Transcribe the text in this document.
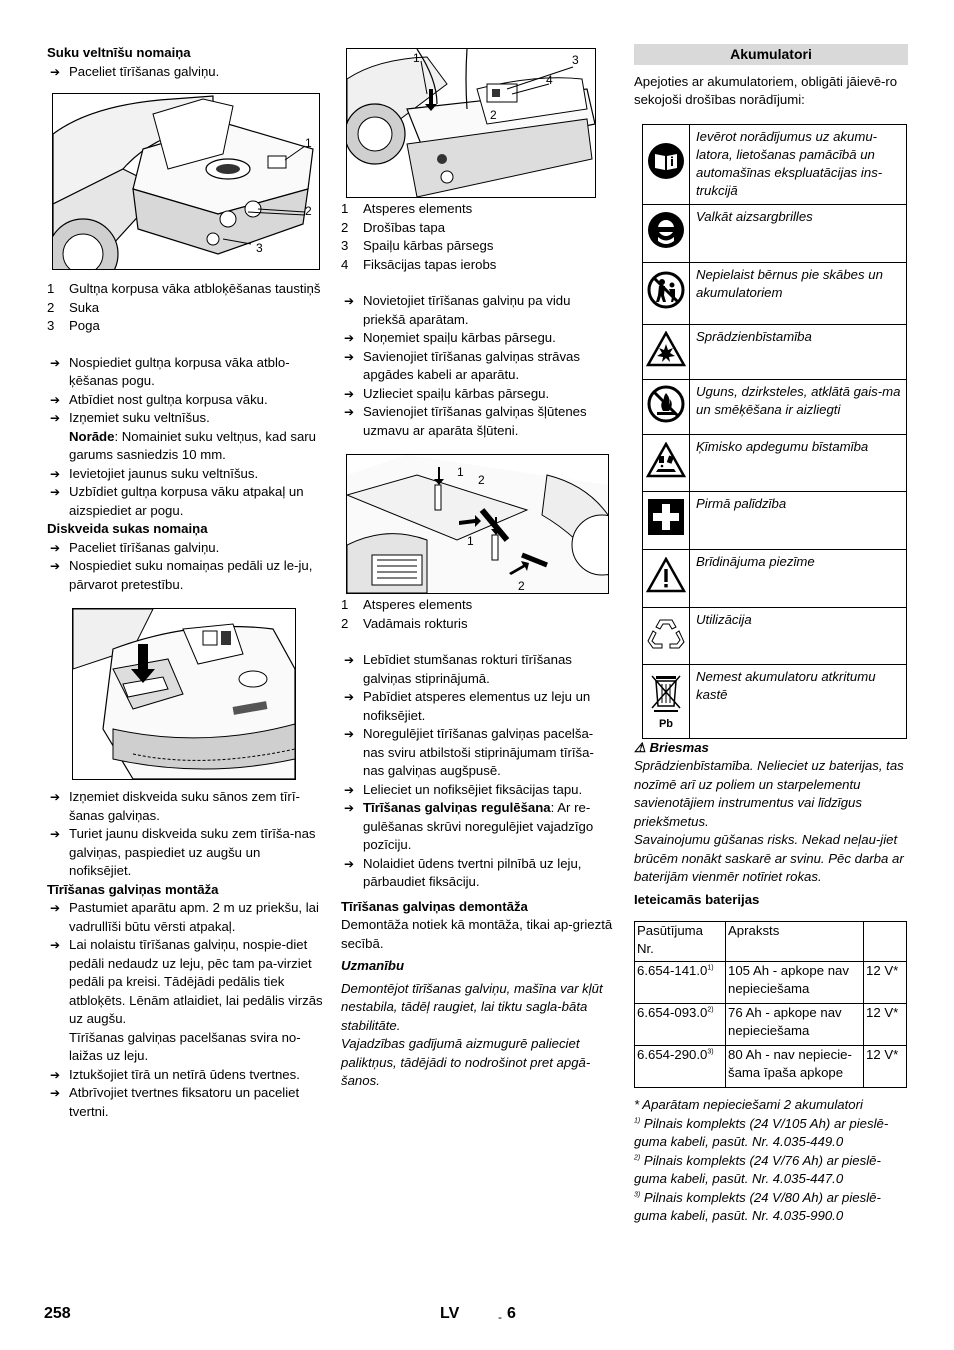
Suku veltnīšu nomaiņa

➔ Paceliet tīrīšanas galviņu.
1
2
3
1	Gultņa korpusa vāka atbloķēšanas taustiņš
2	Suka
3	Poga
➔ Nospiediet gultņa korpusa vāka atblo-ķēšanas pogu.
➔ Atbīdiet nost gultņa korpusa vāku.
➔ Izņemiet suku veltnīšus.
Norāde: Nomainiet suku veltņus, kad saru garums sasniedzis 10 mm.
➔ Ievietojiet jaunus suku veltnīšus.
➔ Uzbīdiet gultņa korpusa vāku atpakaļ un aizspiediet ar pogu.

Diskveida sukas nomaiņa

➔ Paceliet tīrīšanas galviņu.
➔ Nospiediet suku nomaiņas pedāli uz le-ju, pārvarot pretestību.
➔ Izņemiet diskveida suku sānos zem tīrī-šanas galviņas.
➔ Turiet jaunu diskveida suku zem tīrīša-nas galviņas, paspiediet uz augšu un nofiksējiet.

Tīrīšanas galviņas montāža

➔ Pastumiet aparātu apm. 2 m uz priekšu, lai vadrullīši būtu vērsti atpakaļ.
➔ Lai nolaistu tīrīšanas galviņu, nospie-diet pedāli nedaudz uz leju, pēc tam pa-virziet pedāli pa kreisi. Tādējādi pedālis tiek atbloķēts. Lēnām atlaidiet, lai pedālis virzās uz augšu.
Tīrīšanas galviņas pacelšanas svira no-laižas uz leju.
➔ Iztukšojiet tīrā un netīrā ūdens tvertnes.
➔ Atbrīvojiet tvertnes fiksatoru un paceliet tvertni.
1	3
4
2
1	Atsperes elements
2	Drošības tapa
3	Spaiļu kārbas pārsegs
4	Fiksācijas tapas ierobs
➔ Novietojiet tīrīšanas galviņu pa vidu priekšā aparātam.
➔ Noņemiet spaiļu kārbas pārsegu.
➔ Savienojiet tīrīšanas galviņas strāvas apgādes kabeli ar aparātu.
➔ Uzlieciet spaiļu kārbas pārsegu.
➔ Savienojiet tīrīšanas galviņas šļūtenes uzmavu ar aparāta šļūteni.
1
2
1
2
1	Atsperes elements
2	Vadāmais rokturis
➔ Lebīdiet stumšanas rokturi tīrīšanas galviņas stiprinājumā.
➔ Pabīdiet atsperes elementus uz leju un nofiksējiet.
➔ Noregulējiet tīrīšanas galviņas pacelša-nas sviru atbilstoši stiprinājumam tīrīša-nas galviņas augšpusē.
➔ Lelieciet un nofiksējiet fiksācijas tapu.
➔ Tīrīšanas galviņas regulēšana: Ar re-gulēšanas skrūvi noregulējiet vajadzīgo pozīciju.
➔ Nolaidiet ūdens tvertni pilnībā uz leju, pārbaudiet fiksāciju.

Tīrīšanas galviņas demontāža

Demontāža notiek kā montāža, tikai ap-grieztā secībā.
Uzmanību
Demontējot tīrīšanas galviņu, mašīna var kļūt nestabila, tādēļ raugiet, lai tiktu sagla-bāta stabilitāte.
Vajadzības gadījumā aizmugurē palieciet paliktņus, tādējādi to nodrošinot pret apgā-šanos.
Akumulatori
Apejoties ar akumulatoriem, obligāti jāievē-ro sekojoši drošības norādījumi:
	Ievērot norādījumus uz akumu-latora, lietošanas pamācībā un automašīnas ekspluatācijas ins-trukcijā
	Valkāt aizsargbrilles
	Nepielaist bērnus pie skābes un akumulatoriem
	Sprādzienbīstamība
	Uguns, dzirksteles, atklātā gais-ma un smēķēšana ir aizliegti
	Ķīmisko apdegumu bīstamība
	Pirmā palīdzība
	Brīdinājuma piezīme
	Utilizācija

Pb	Nemest akumulatoru atkritumu kastē
⚠ Briesmas
Sprādzienbīstamība. Nelieciet uz baterijas, tas nozīmē arī uz poliem un starpelementu savienotājiem instrumentus vai līdzīgus priekšmetus.
Savainojumu gūšanas risks. Nekad neļau-jiet brūcēm nonākt saskarē ar svinu. Pēc darba ar baterijām vienmēr notīriet rokas.

Ieteicamās baterijas

Pasūtījuma Nr.	Apraksts	
6.654-141.0$^{1)}$	105 Ah - apkope nav nepieciešama	12 V*
6.654-093.0$^{2)}$	76 Ah - apkope nav nepieciešama	12 V*
6.654-290.0$^{3)}$	80 Ah - nav nepiecie-šama īpaša apkope	12 V*
* Aparātam nepieciešami 2 akumulatori
$^{1)}$ Pilnais komplekts (24 V/105 Ah) ar pieslē-guma kabeli, pasūt. Nr. 4.035-449.0
$^{2)}$ Pilnais komplekts (24 V/76 Ah) ar pieslē-guma kabeli, pasūt. Nr. 4.035-447.0
$^{3)}$ Pilnais komplekts (24 V/80 Ah) ar pieslē-guma kabeli, pasūt. Nr. 4.035-990.0
258	LV	- 6
